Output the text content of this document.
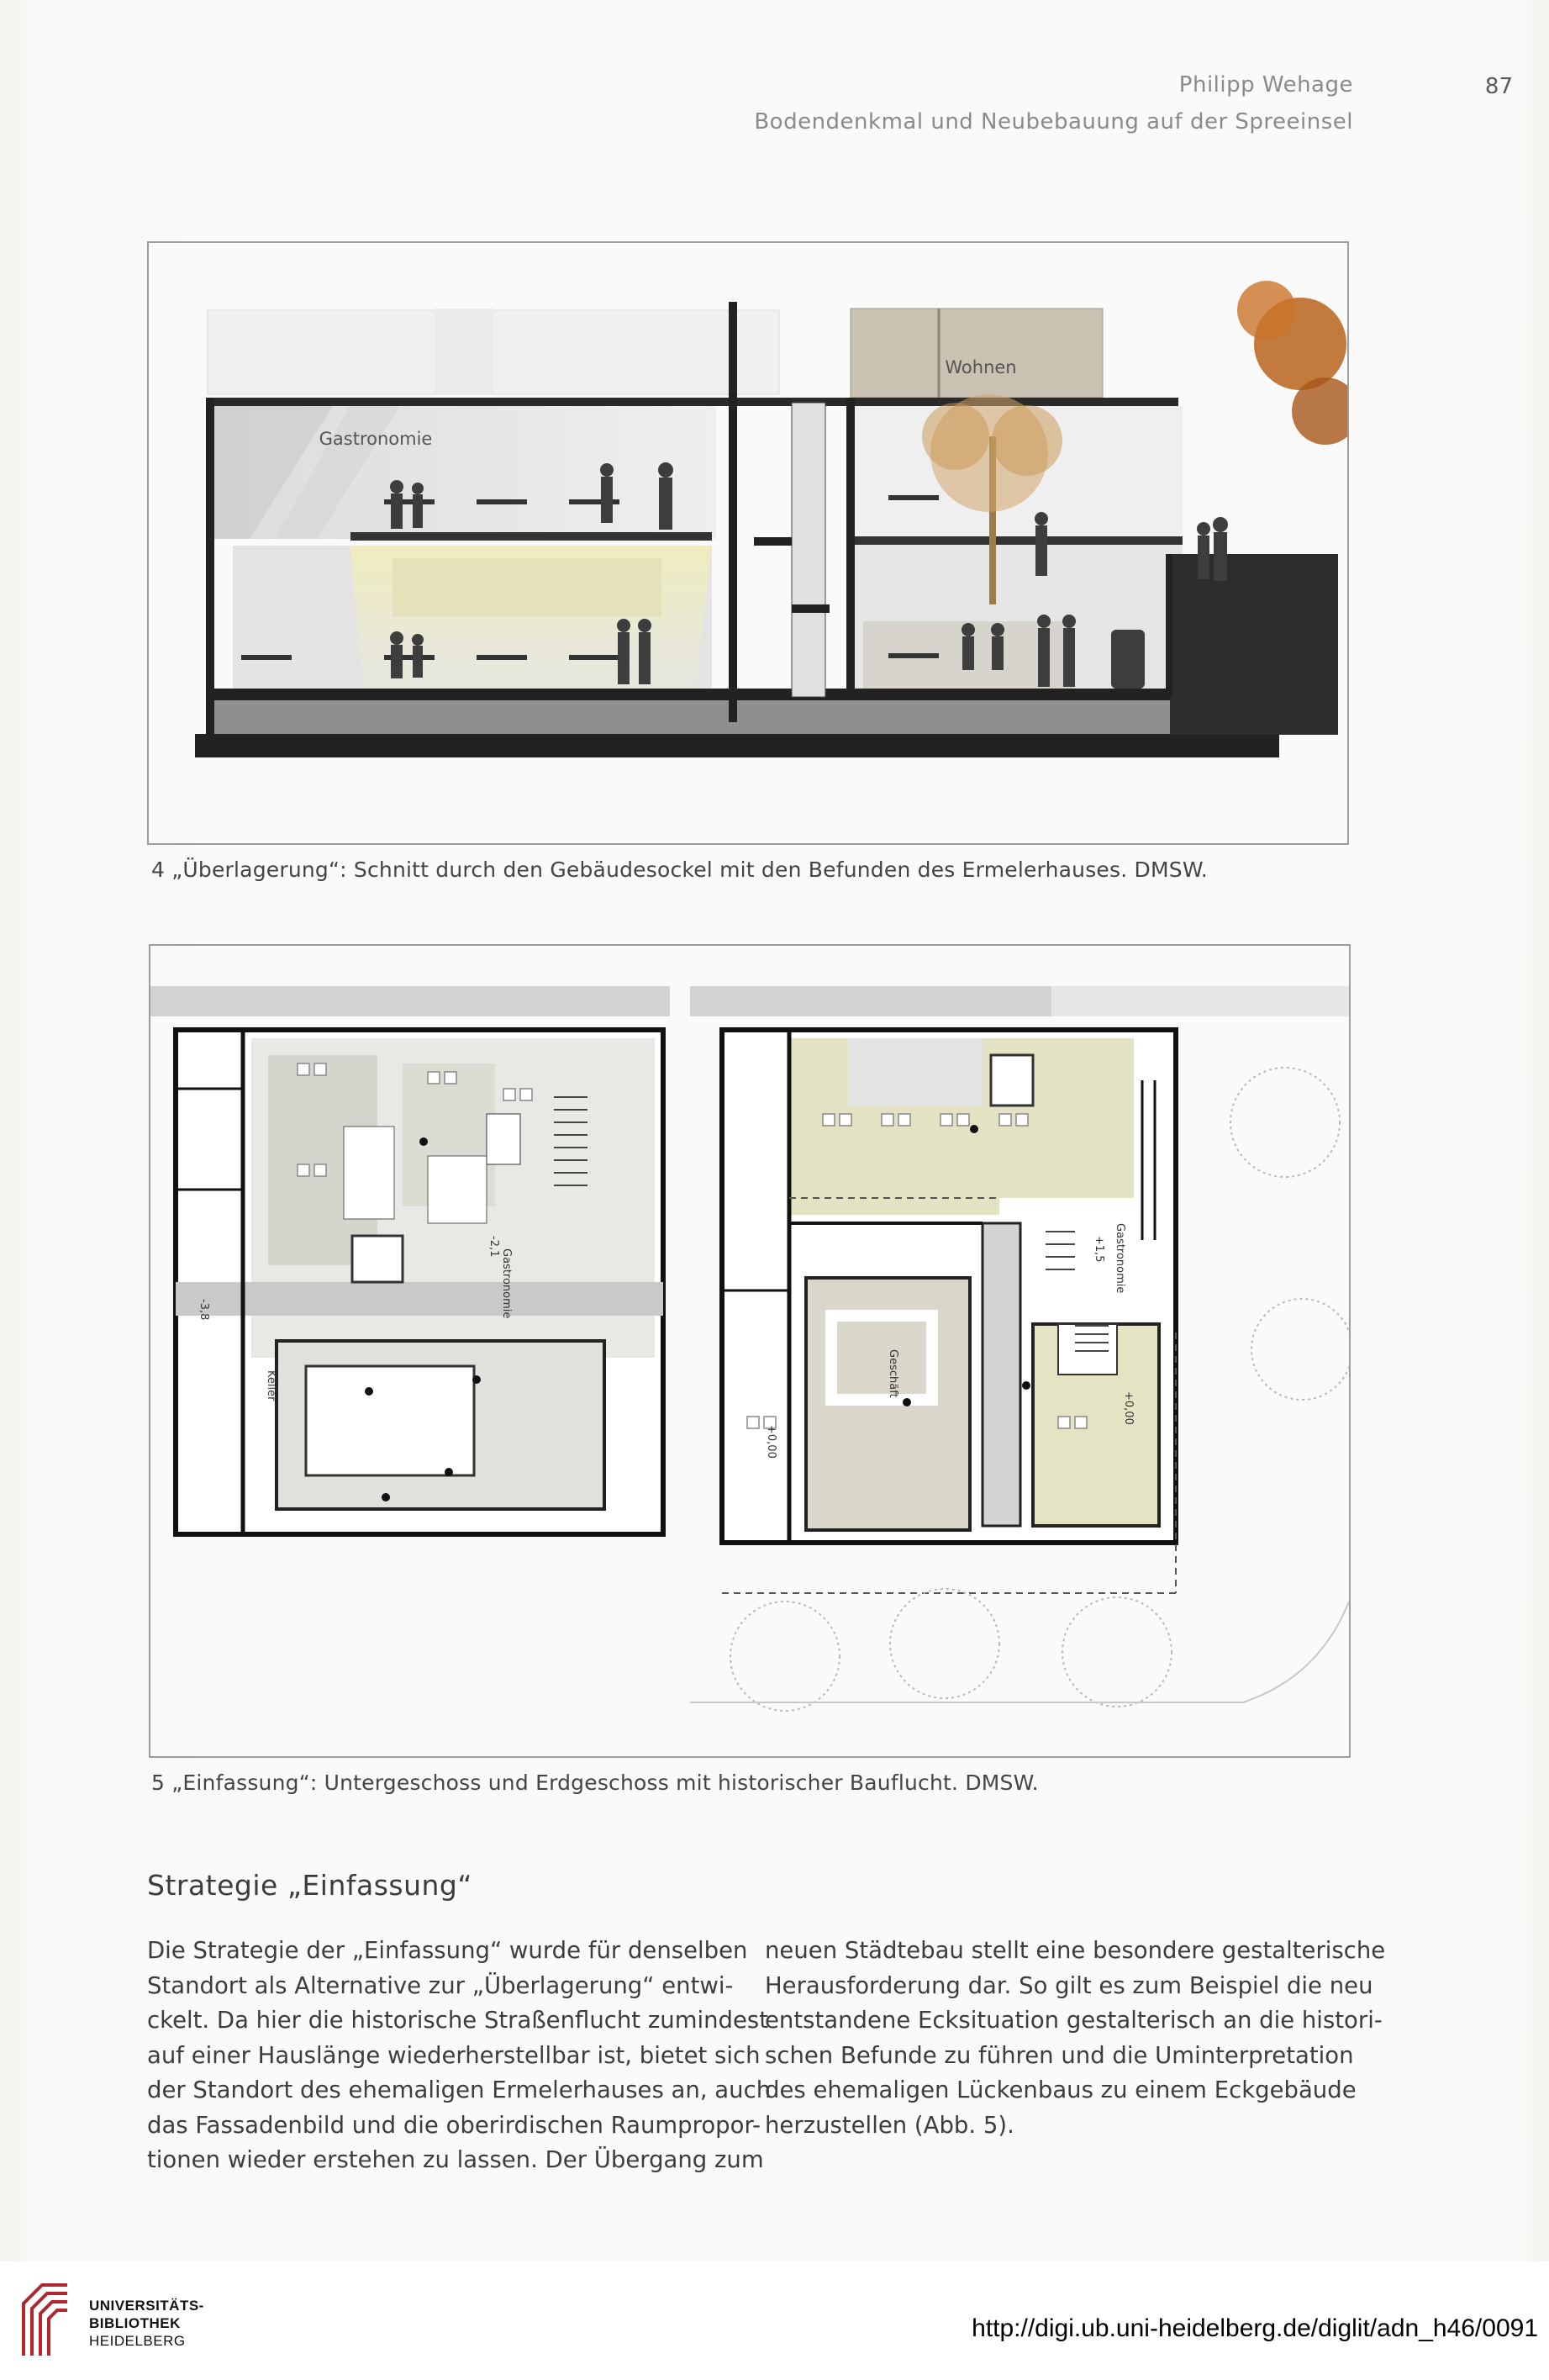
Philipp Wehage
Bodendenkmal und Neubebauung auf der Spreeinsel
87
Wohnen
Gastronomie
4 „Überlagerung“: Schnitt durch den Gebäudesockel mit den Befunden des Ermelerhauses. DMSW.
Gastronomie
-2,1
-3,8
Keller
Gastronomie
+1,5
Geschäft
+0,00
+0,00
5 „Einfassung“: Untergeschoss und Erdgeschoss mit historischer Bauflucht. DMSW.
Strategie „Einfassung“
Die Strategie der „Einfassung“ wurde für denselben
Standort als Alternative zur „Überlagerung“ entwi-
ckelt. Da hier die historische Straßenflucht zumindest
auf einer Hauslänge wiederherstellbar ist, bietet sich
der Standort des ehemaligen Ermelerhauses an, auch
das Fassadenbild und die oberirdischen Raumpropor-
tionen wieder erstehen zu lassen. Der Übergang zum
neuen Städtebau stellt eine besondere gestalterische
Herausforderung dar. So gilt es zum Beispiel die neu
entstandene Ecksituation gestalterisch an die histori-
schen Befunde zu führen und die Uminterpretation
des ehemaligen Lückenbaus zu einem Eckgebäude
herzustellen (Abb. 5).
UNIVERSITÄTS-
BIBLIOTHEK
HEIDELBERG	http://digi.ub.uni-heidelberg.de/diglit/adn_h46/0091
